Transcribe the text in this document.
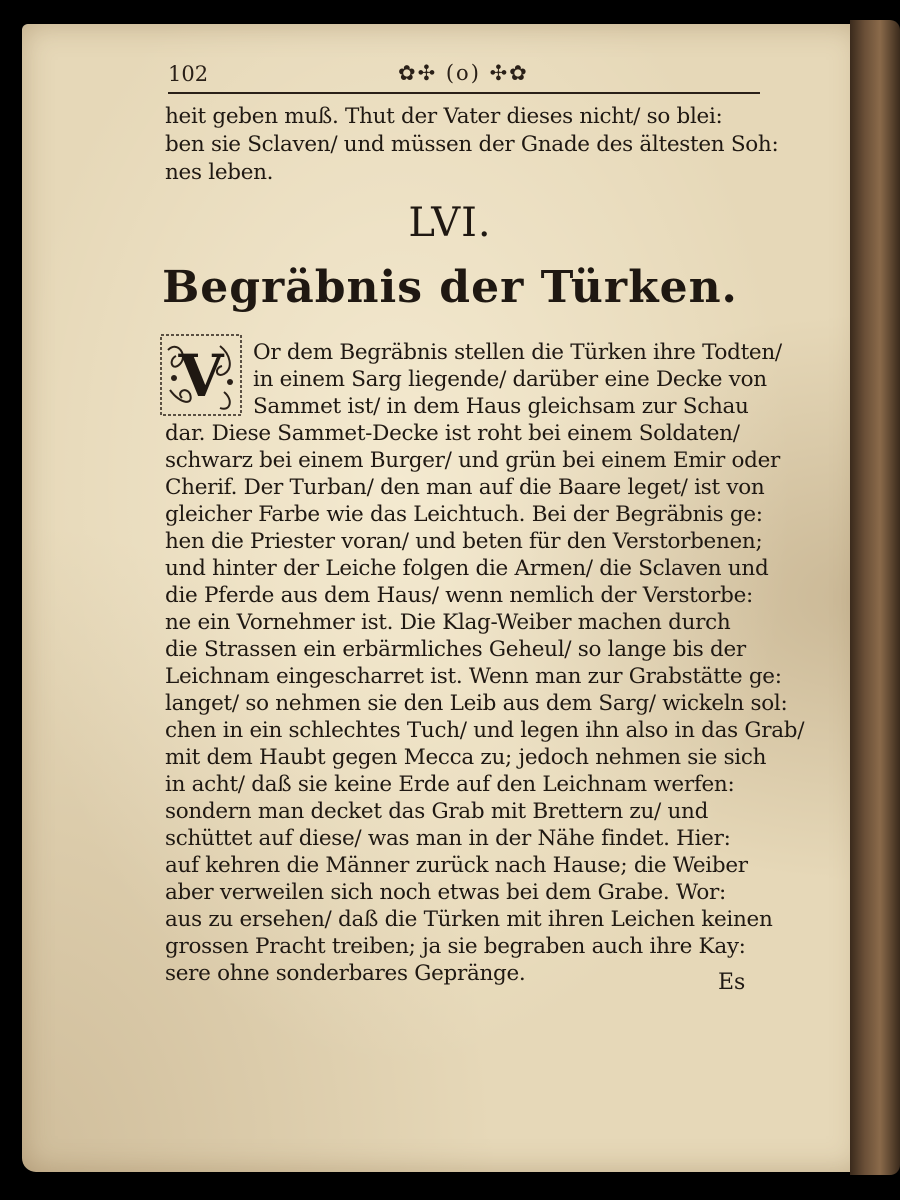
102	✿✣ (o) ✣✿
heit geben muß. Thut der Vater dieses nicht/ so blei:
ben sie Sclaven/ und müssen der Gnade des ältesten Soh:
nes leben.
LVI.
Begräbnis der Türken.
V Or dem Begräbnis stellen die Türken ihre Todten/
in einem Sarg liegende/ darüber eine Decke von
Sammet ist/ in dem Haus gleichsam zur Schau
dar. Diese Sammet-Decke ist roht bei einem Soldaten/
schwarz bei einem Burger/ und grün bei einem Emir oder
Cherif. Der Turban/ den man auf die Baare leget/ ist von
gleicher Farbe wie das Leichtuch. Bei der Begräbnis ge:
hen die Priester voran/ und beten für den Verstorbenen;
und hinter der Leiche folgen die Armen/ die Sclaven und
die Pferde aus dem Haus/ wenn nemlich der Verstorbe:
ne ein Vornehmer ist. Die Klag-Weiber machen durch
die Strassen ein erbärmliches Geheul/ so lange bis der
Leichnam eingescharret ist. Wenn man zur Grabstätte ge:
langet/ so nehmen sie den Leib aus dem Sarg/ wickeln sol:
chen in ein schlechtes Tuch/ und legen ihn also in das Grab/
mit dem Haubt gegen Mecca zu; jedoch nehmen sie sich
in acht/ daß sie keine Erde auf den Leichnam werfen:
sondern man decket das Grab mit Brettern zu/ und
schüttet auf diese/ was man in der Nähe findet. Hier:
auf kehren die Männer zurück nach Hause; die Weiber
aber verweilen sich noch etwas bei dem Grabe. Wor:
aus zu ersehen/ daß die Türken mit ihren Leichen keinen
grossen Pracht treiben; ja sie begraben auch ihre Kay:
sere ohne sonderbares Gepränge.	Es
